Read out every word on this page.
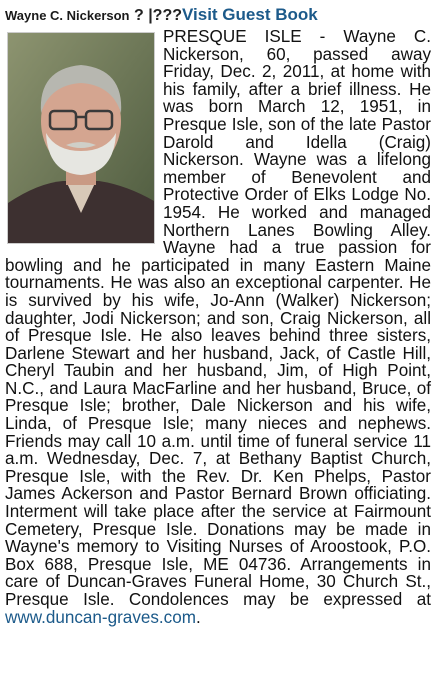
Wayne C. Nickerson ? |???Visit Guest Book
PRESQUE ISLE - Wayne C. Nickerson, 60, passed away Friday, Dec. 2, 2011, at home with his family, after a brief illness. He was born March 12, 1951, in Presque Isle, son of the late Pastor Darold and Idella (Craig) Nickerson. Wayne was a lifelong member of Benevolent and Protective Order of Elks Lodge No. 1954. He worked and managed Northern Lanes Bowling Alley. Wayne had a true passion for bowling and he participated in many Eastern Maine tournaments. He was also an exceptional carpenter. He is survived by his wife, Jo-Ann (Walker) Nickerson; daughter, Jodi Nickerson; and son, Craig Nickerson, all of Presque Isle. He also leaves behind three sisters, Darlene Stewart and her husband, Jack, of Castle Hill, Cheryl Taubin and her husband, Jim, of High Point, N.C., and Laura MacFarline and her husband, Bruce, of Presque Isle; brother, Dale Nickerson and his wife, Linda, of Presque Isle; many nieces and nephews. Friends may call 10 a.m. until time of funeral service 11 a.m. Wednesday, Dec. 7, at Bethany Baptist Church, Presque Isle, with the Rev. Dr. Ken Phelps, Pastor James Ackerson and Pastor Bernard Brown officiating. Interment will take place after the service at Fairmount Cemetery, Presque Isle. Donations may be made in Wayne's memory to Visiting Nurses of Aroostook, P.O. Box 688, Presque Isle, ME 04736. Arrangements in care of Duncan-Graves Funeral Home, 30 Church St., Presque Isle. Condolences may be expressed at www.duncan-graves.com.
